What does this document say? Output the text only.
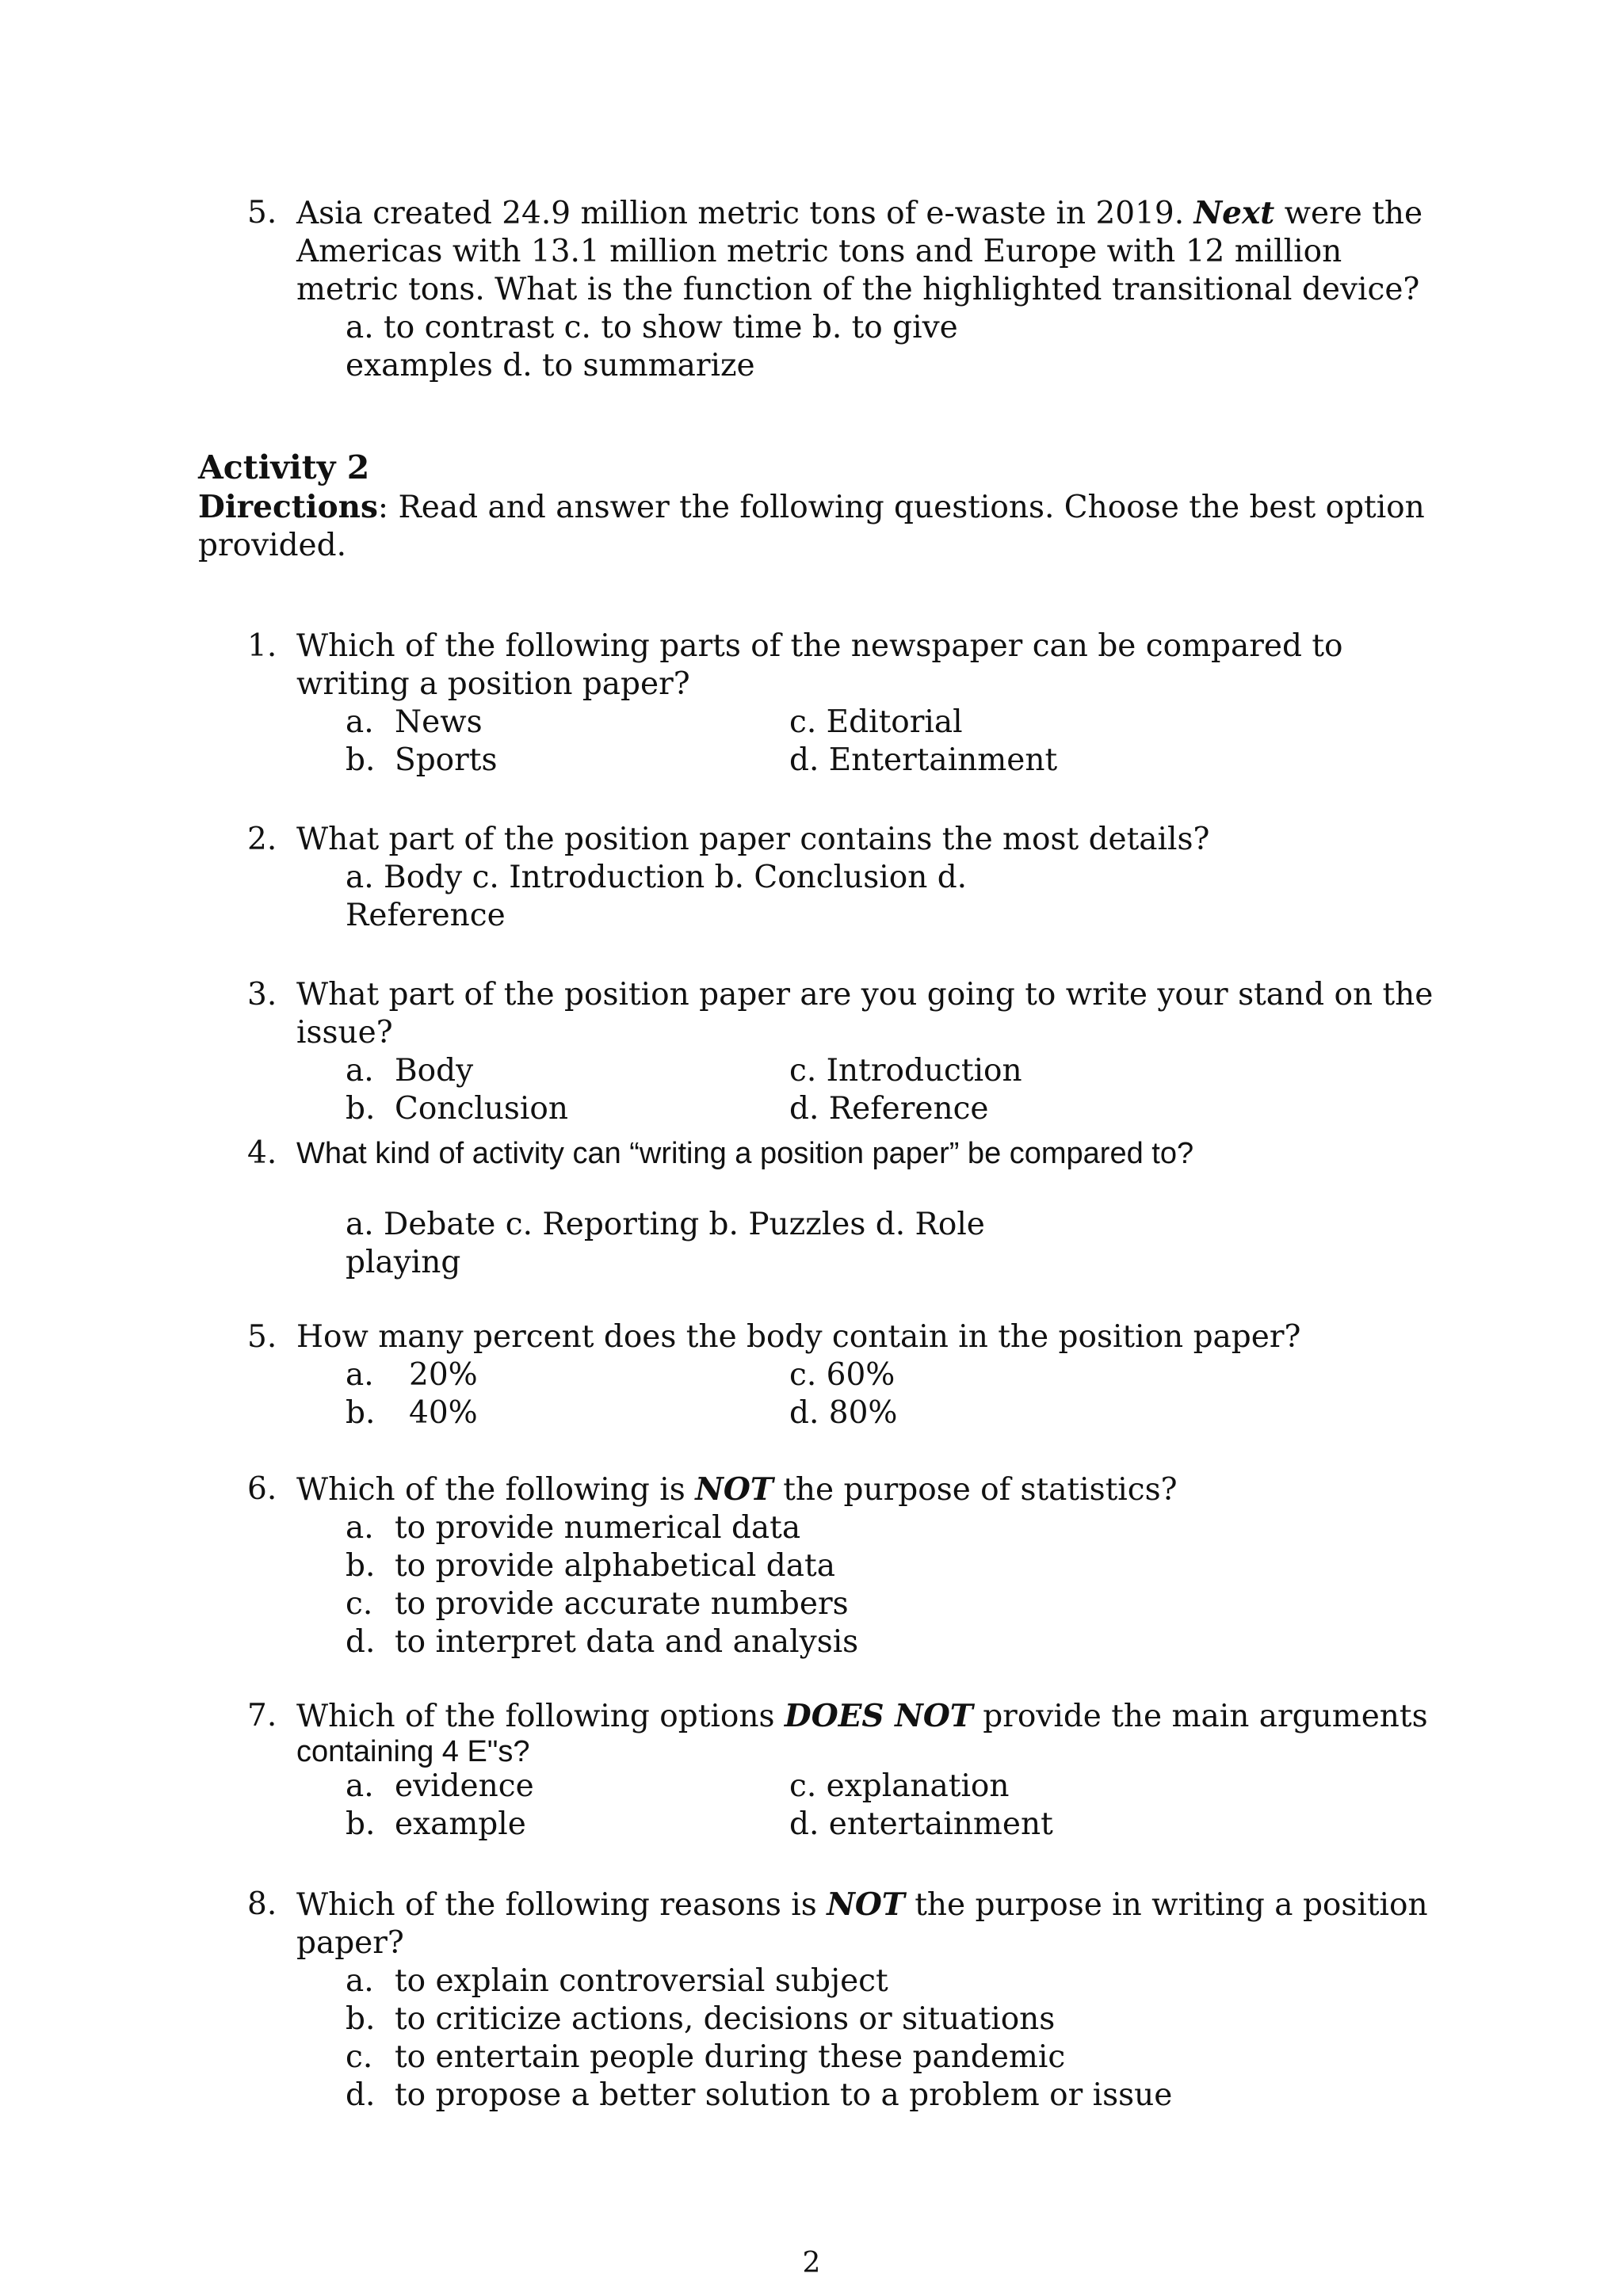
5. Asia created 24.9 million metric tons of e-waste in 2019. Next were the Americas with 13.1 million metric tons and Europe with 12 million metric tons. What is the function of the highlighted transitional device?
a. to contrast c. to show time b. to give
examples d. to summarize
Activity 2
Directions: Read and answer the following questions. Choose the best option provided.
1. Which of the following parts of the newspaper can be compared to writing a position paper?
a. News	c. Editorial
b. Sports	d. Entertainment
2. What part of the position paper contains the most details?
a. Body c. Introduction b. Conclusion d.
Reference
3. What part of the position paper are you going to write your stand on the issue?
a. Body	c. Introduction
b. Conclusion	d. Reference
4. What kind of activity can “writing a position paper” be compared to?
a. Debate c. Reporting b. Puzzles d. Role
playing
5. How many percent does the body contain in the position paper?
a.	20%	c. 60%
b.	40%	d. 80%
6. Which of the following is NOT the purpose of statistics?
a. to provide numerical data
b. to provide alphabetical data
c. to provide accurate numbers
d. to interpret data and analysis
7. Which of the following options DOES NOT provide the main arguments
containing 4 E"s?
a. evidence	c. explanation
b. example	d. entertainment
8. Which of the following reasons is NOT the purpose in writing a position paper?
a. to explain controversial subject
b. to criticize actions, decisions or situations
c. to entertain people during these pandemic
d. to propose a better solution to a problem or issue
2
